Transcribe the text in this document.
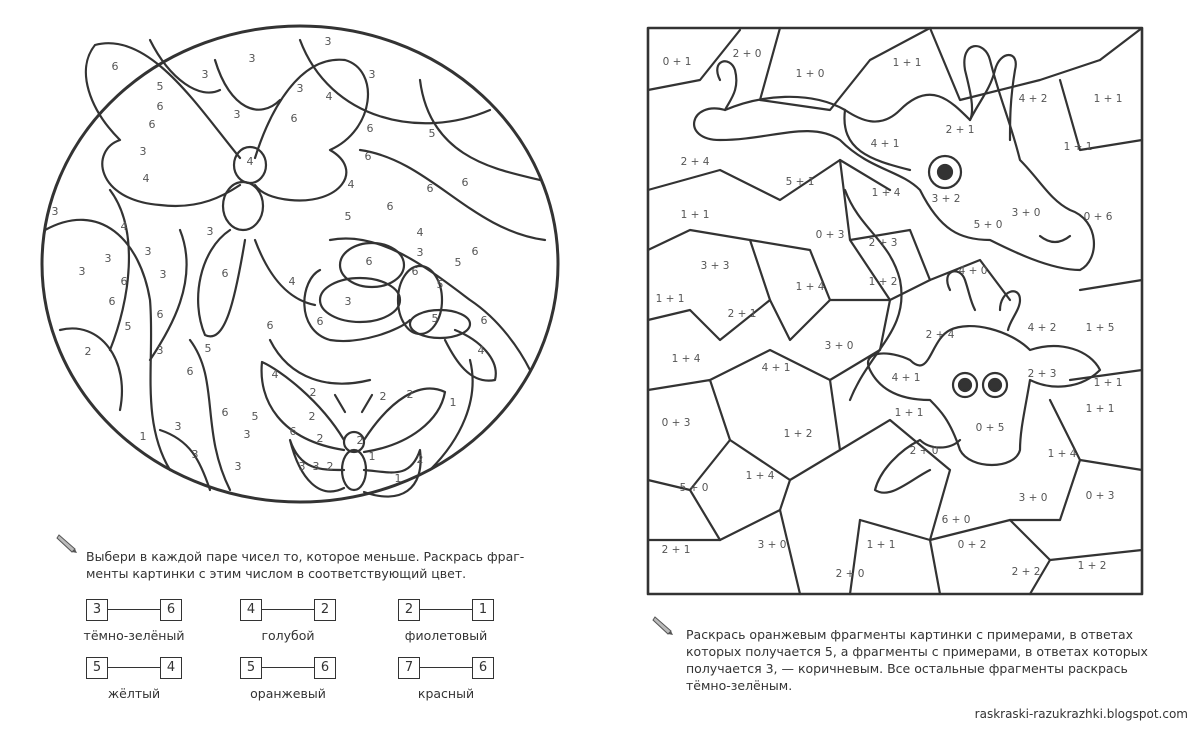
6
3
3
3
3
3
5
6
6
3
4
3	6
4
6	5
6
4
5
6	6
4
3
3
4
3
6
6
5
3
3
6
6
4
6	6
3
6
6
5
4
6
6
4
6
3
5
5
3
6
5
6
3
4
5
6
3
2
2
2
2
2 2
1
1
2
1
3
3
3
3
2
3
2
1
0 + 1
2 + 0
1 + 0
1 + 1
4 + 2	1 + 1
2 + 1
4 + 1	1 + 1
2 + 4
5 + 1
1 + 4	3 + 2
3 + 0	0 + 6
5 + 0
1 + 1
0 + 3
2 + 3
3 + 3	4 + 0
1 + 2
1 + 1
1 + 4
2 + 1
4 + 2	1 + 5
2 + 4
3 + 0
1 + 4
4 + 1
4 + 1	2 + 3
1 + 1
0 + 3
1 + 1	1 + 1
1 + 2	0 + 5
2 + 0	1 + 4
1 + 4
5 + 0
3 + 0	0 + 3
6 + 0
2 + 1	3 + 0	1 + 1	0 + 2
2 + 0	2 + 2	1 + 2
Выбери в каждой паре чисел то, которое меньше. Раскрась фраг-
менты картинки с этим числом в соответствующий цвет.
3	6
тёмно-зелёный
4	2
голубой
2	1
фиолетовый
5	4
жёлтый
5	6
оранжевый
7	6
красный
Раскрась оранжевым фрагменты картинки с примерами, в ответах
которых получается 5, а фрагменты с примерами, в ответах которых
получается 3, — коричневым. Все остальные фрагменты раскрась
тёмно-зелёным.
raskraski-razukrazhki.blogspot.com
